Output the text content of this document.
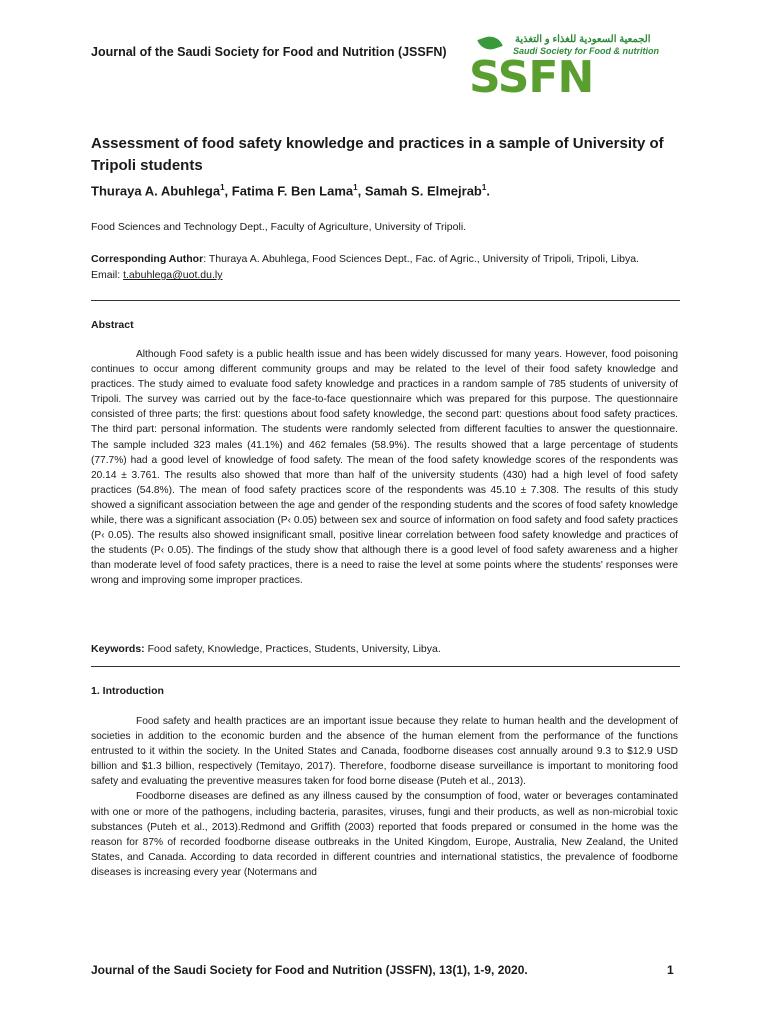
Journal of the Saudi Society for Food and Nutrition (JSSFN)
الجمعية السعودية للغذاء و التغذية
Saudi Society for Food & nutrition
SSFN
Assessment of food safety knowledge and practices in a sample of University of Tripoli students
Thuraya A. Abuhlega$^1$, Fatima F. Ben Lama$^1$, Samah S. Elmejrab$^1$.
Food Sciences and Technology Dept., Faculty of Agriculture, University of Tripoli.
Corresponding Author: Thuraya A. Abuhlega, Food Sciences Dept., Fac. of Agric., University of Tripoli, Tripoli, Libya.
Email: t.abuhlega@uot.du.ly
Abstract

Although Food safety is a public health issue and has been widely discussed for many years. However, food poisoning continues to occur among different community groups and may be related to the level of their food safety knowledge and practices. The study aimed to evaluate food safety knowledge and practices in a random sample of 785 students of university of Tripoli. The survey was carried out by the face-to-face questionnaire which was prepared for this purpose. The questionnaire consisted of three parts; the first: questions about food safety knowledge, the second part: questions about food safety practices. The third part: personal information. The students were randomly selected from different faculties to answer the questionnaire. The sample included 323 males (41.1%) and 462 females (58.9%). The results showed that a large percentage of students (77.7%) had a good level of knowledge of food safety. The mean of the food safety knowledge scores of the respondents was 20.14 ± 3.761. The results also showed that more than half of the university students (430) had a high level of food safety practices (54.8%). The mean of food safety practices score of the respondents was 45.10 ± 7.308. The results of this study showed a significant association between the age and gender of the responding students and the scores of food safety knowledge while, there was a significant association (P‹ 0.05) between sex and source of information on food safety and food safety practices (P‹ 0.05). The results also showed insignificant small, positive linear correlation between food safety knowledge and practices of the students (P‹ 0.05). The findings of the study show that although there is a good level of food safety awareness and a higher than moderate level of food safety practices, there is a need to raise the level at some points where the students' responses were wrong and improving some improper practices.

Keywords: Food safety, Knowledge, Practices, Students, University, Libya.
1. Introduction

Food safety and health practices are an important issue because they relate to human health and the development of societies in addition to the economic burden and the absence of the human element from the performance of the functions entrusted to it within the society. In the United States and Canada, foodborne diseases cost annually around 9.3 to $12.9 USD billion and $1.3 billion, respectively (Temitayo, 2017). Therefore, foodborne disease surveillance is important to monitoring food safety and evaluating the preventive measures taken for food borne disease (Puteh et al., 2013).

Foodborne diseases are defined as any illness caused by the consumption of food, water or beverages contaminated with one or more of the pathogens, including bacteria, parasites, viruses, fungi and their products, as well as non-microbial toxic substances (Puteh et al., 2013).Redmond and Griffith (2003) reported that foods prepared or consumed in the home was the reason for 87% of recorded foodborne disease outbreaks in the United Kingdom, Europe, Australia, New Zealand, the United States, and Canada. According to data recorded in different countries and international statistics, the prevalence of foodborne diseases is increasing every year (Notermans and

Journal of the Saudi Society for Food and Nutrition (JSSFN), 13(1), 1-9, 2020.	1
